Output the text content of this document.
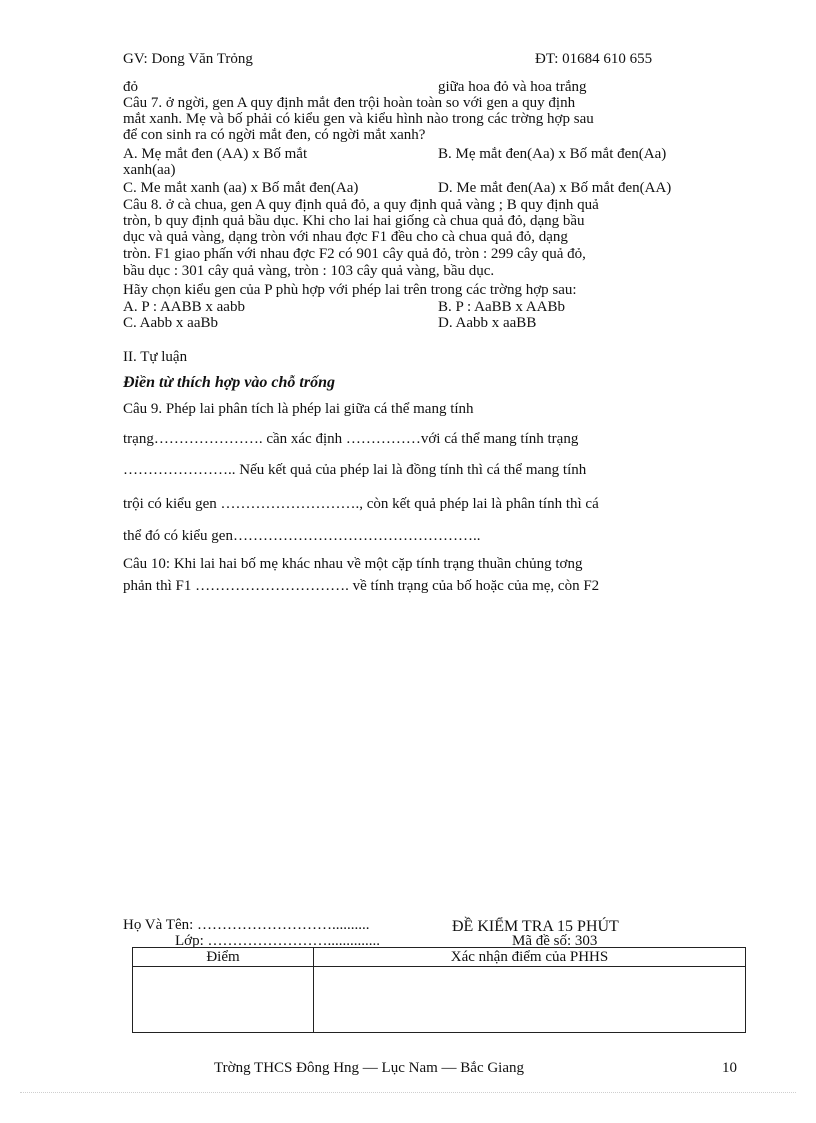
GV: Dong Văn Trỏng	ĐT: 01684 610 655
đỏ	giữa hoa đỏ và hoa trắng
Câu 7. ở ngời, gen A quy định mắt đen trội hoàn toàn so với gen a quy định
mắt xanh. Mẹ và bố phải có kiểu gen và kiểu hình nào trong các trờng hợp sau
để con sinh ra có ngời mắt đen, có ngời mắt xanh?
A. Mẹ mắt đen (AA) x Bố mắt	B. Mẹ mắt đen(Aa) x Bố mắt đen(Aa)
xanh(aa)
C. Me mắt xanh (aa) x Bố mắt đen(Aa)	D. Me mắt đen(Aa) x Bố mắt đen(AA)
Câu 8. ở cà chua, gen A quy định quả đỏ, a quy định quả vàng ; B quy định quả
tròn, b quy định quả bầu dục. Khi cho lai hai giống cà chua quả đỏ, dạng bầu
dục và quả vàng, dạng tròn với nhau đợc F1 đều cho cà chua quả đỏ, dạng
tròn. F1 giao phấn với nhau đợc F2 có 901 cây quả đỏ, tròn : 299 cây quả đỏ,
bầu dục : 301 cây quả vàng, tròn : 103 cây quả vàng, bầu dục.
Hãy chọn kiểu gen của P phù hợp với phép lai trên trong các trờng hợp sau:
A. P : AABB x aabb	B. P : AaBB x AABb
C. Aabb x aaBb	D. Aabb x aaBB
II. Tự luận
Điền từ thích hợp vào chỗ trống
Câu 9. Phép lai phân tích là phép lai giữa cá thể mang tính
trạng…………………. cần xác định ……………với cá thể mang tính trạng
………………….. Nếu kết quả của phép lai là đồng tính thì cá thể mang tính
trội có kiểu gen ………………………., còn kết quả phép lai là phân tính thì cá
thể đó có kiểu gen…………………………………………..
Câu 10: Khi lai hai bố mẹ khác nhau về một cặp tính trạng thuần chủng tơng
phản thì F1 …………………………. về tính trạng của bố hoặc của mẹ, còn F2
Họ Và Tên: ………………………..........
Lớp: ……………………..............
ĐỀ KIỂM TRA 15 PHÚT
Mã đề số: 303
Điểm	Xác nhận điểm của PHHS
Trờng THCS Đông Hng — Lục Nam — Bắc Giang	10
